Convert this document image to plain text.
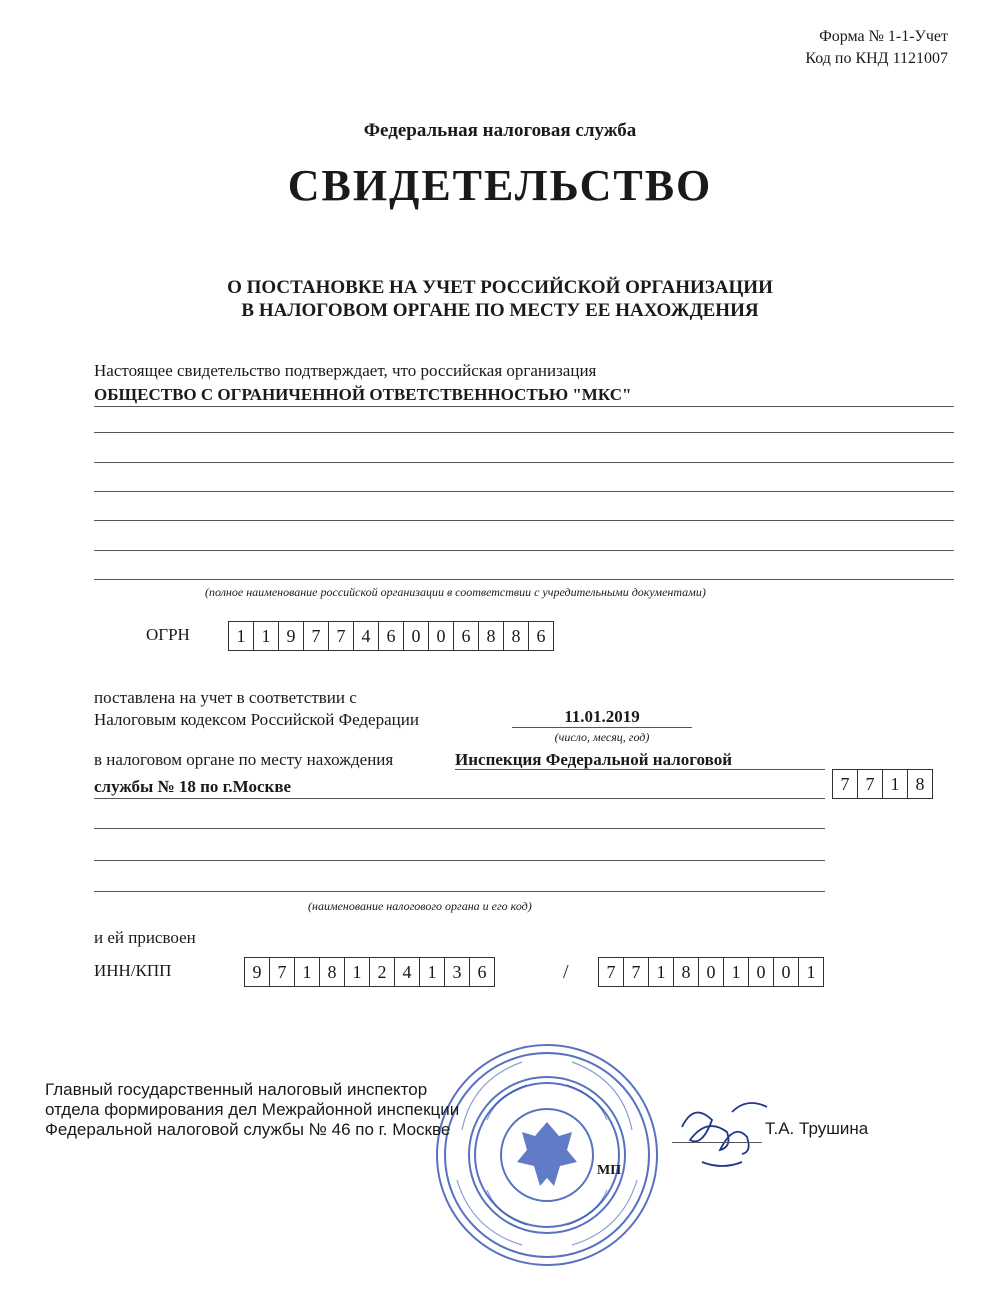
Форма № 1-1-Учет
Код по КНД 1121007
Федеральная налоговая служба
СВИДЕТЕЛЬСТВО
О ПОСТАНОВКЕ НА УЧЕТ РОССИЙСКОЙ ОРГАНИЗАЦИИ
В НАЛОГОВОМ ОРГАНЕ ПО МЕСТУ ЕЕ НАХОЖДЕНИЯ
Настоящее свидетельство подтверждает, что российская организация
ОБЩЕСТВО С ОГРАНИЧЕННОЙ ОТВЕТСТВЕННОСТЬЮ "МКС"
(полное наименование российской организации в соответствии с учредительными документами)
ОГРН	1 1 9 7 7 4 6 0 0 6 8 8 6
поставлена на учет в соответствии с
Налоговым кодексом Российской Федерации	11.01.2019
(число, месяц, год)
в налоговом органе по месту нахождения	Инспекция Федеральной налоговой
службы № 18 по г.Москве	7 7 1 8
(наименование налогового органа и его код)
и ей присвоен
ИНН/КПП	9 7 1 8 1 2 4 1 3 6	/	7 7 1 8 0 1 0 0 1
МП
Главный государственный налоговый инспектор
отдела формирования дел Межрайонной инспекции
Федеральной налоговой службы № 46 по г. Москве	Т.А. Трушина
